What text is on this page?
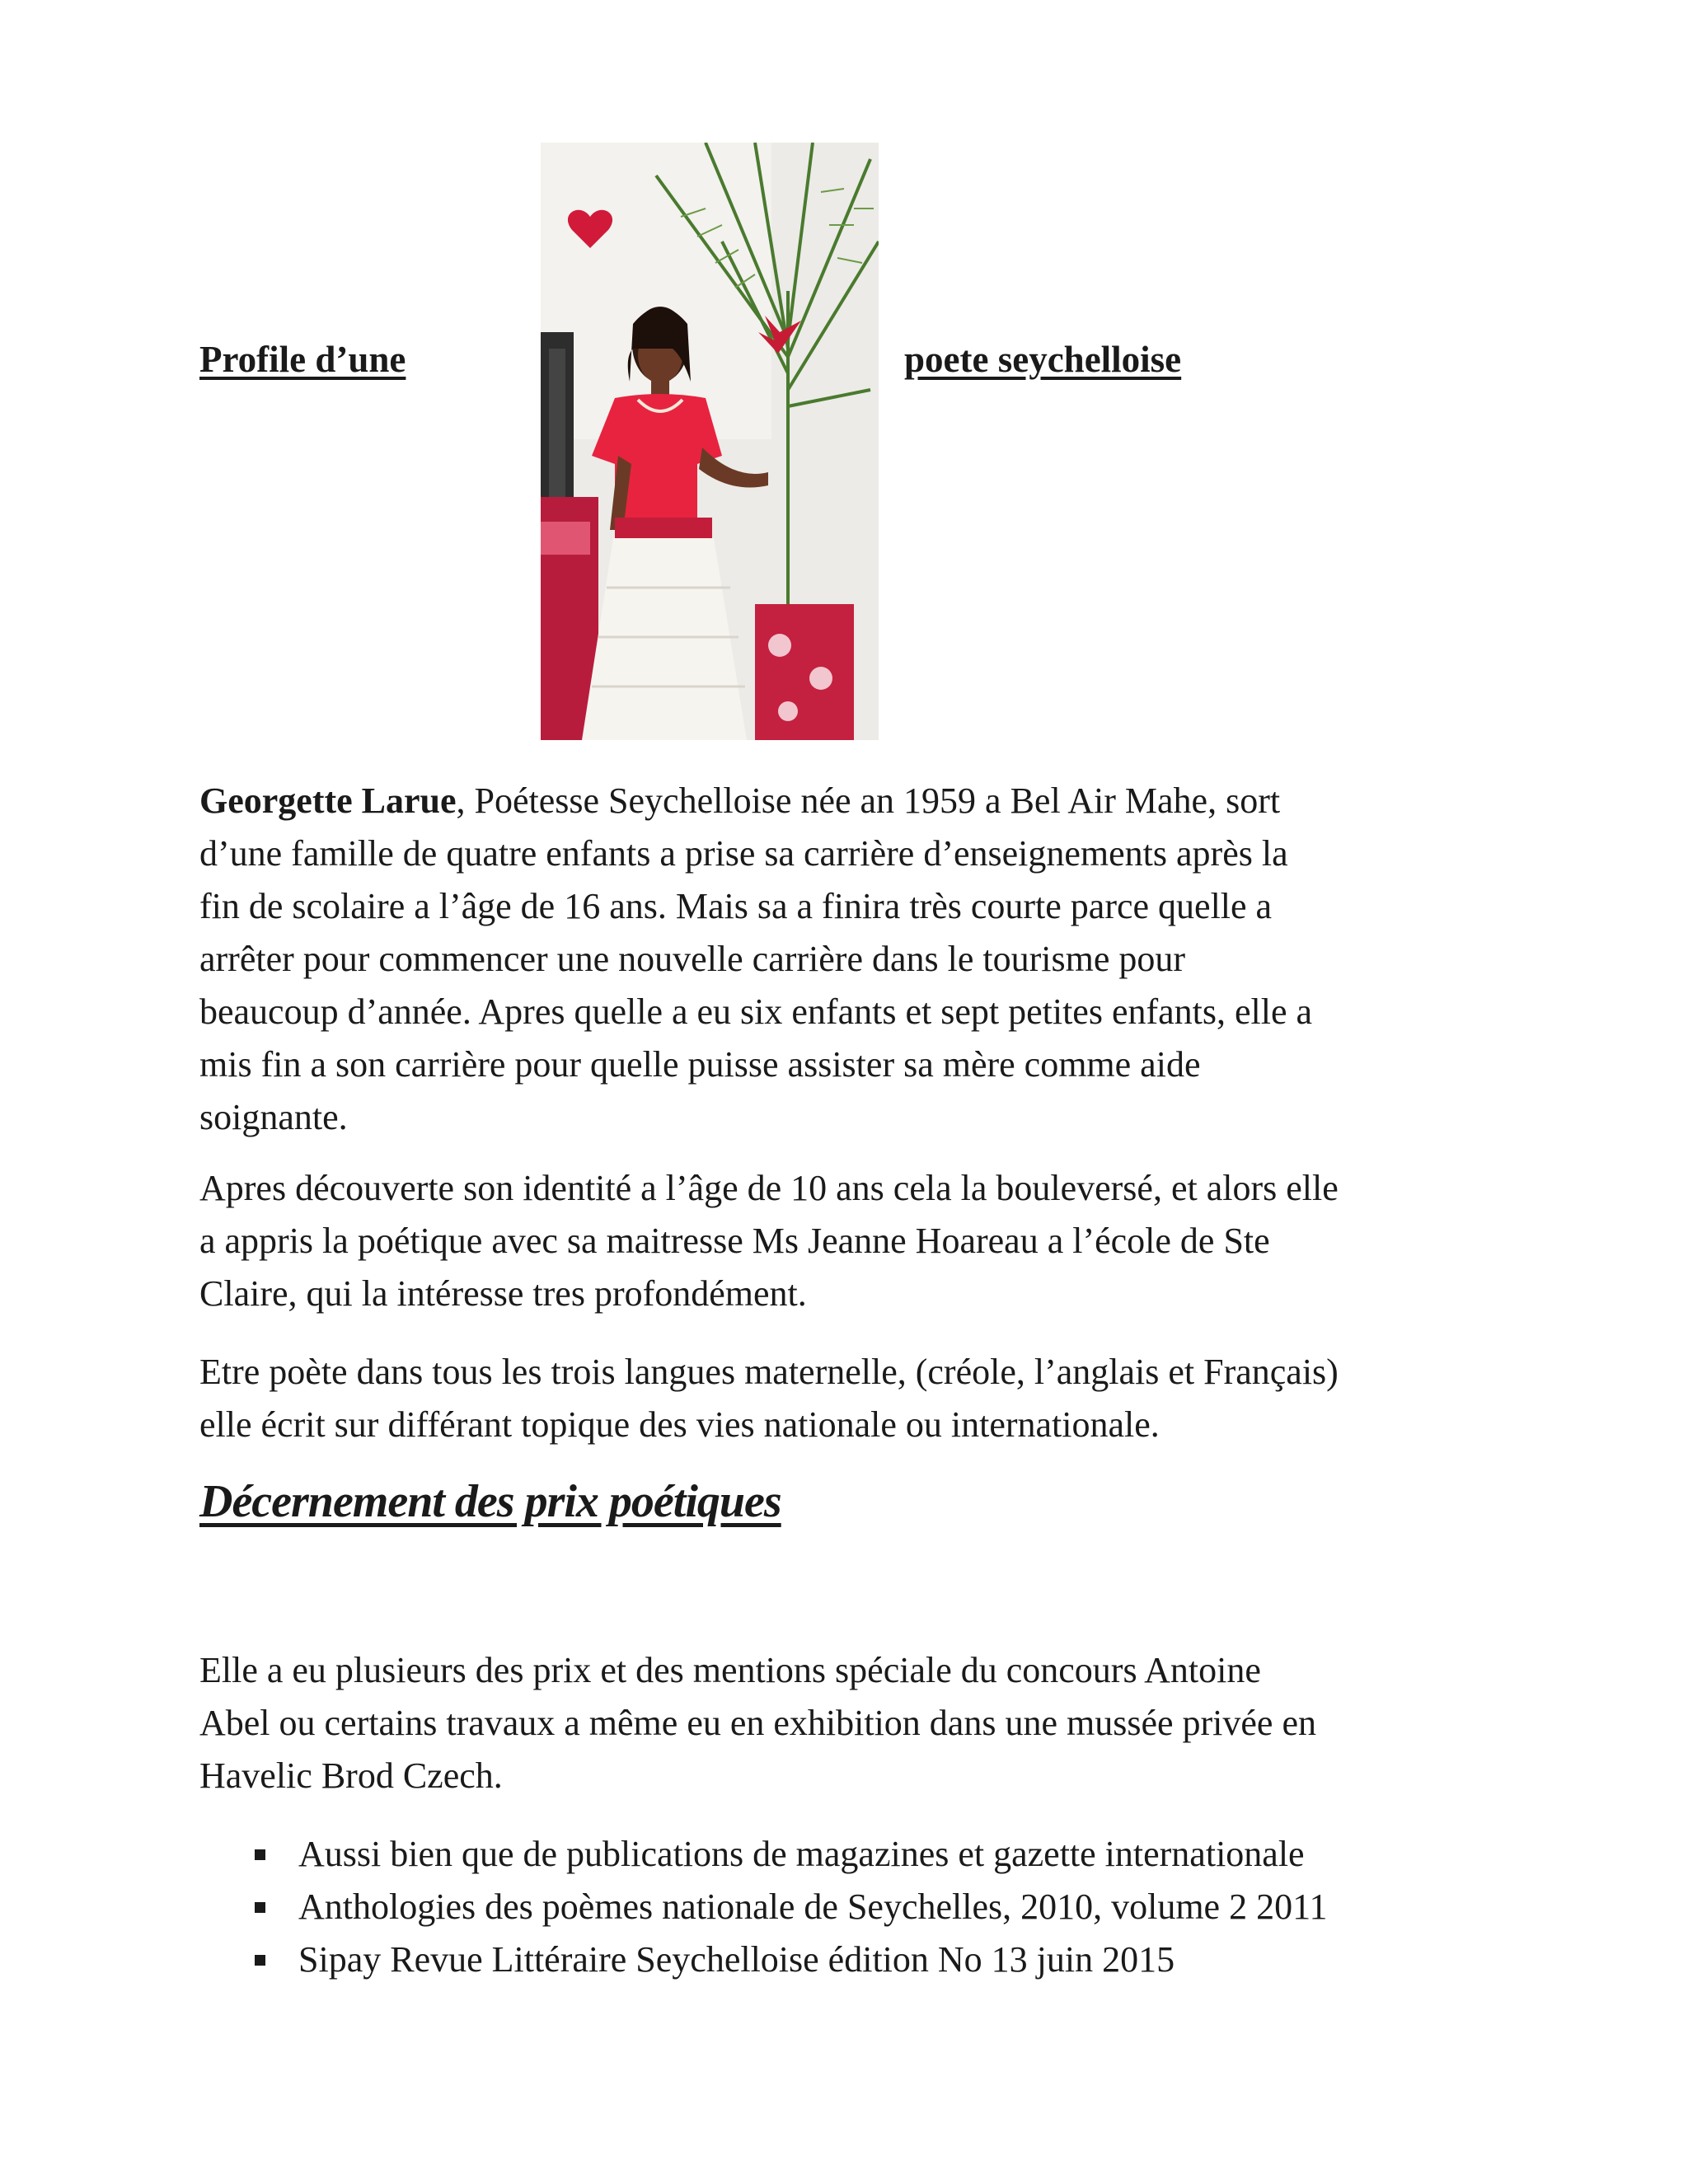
Profile d’une	poete seychelloise

Georgette Larue, Poétesse Seychelloise née an 1959 a Bel Air Mahe, sort

d’une famille de quatre enfants a prise sa carrière d’enseignements après la

fin de scolaire a l’âge de 16 ans. Mais sa a finira très courte parce quelle a

arrêter pour commencer une nouvelle carrière dans le tourisme pour

beaucoup d’année. Apres quelle a eu six enfants et sept petites enfants, elle a

mis fin a son carrière pour quelle puisse assister sa mère comme aide

soignante.

Apres découverte son identité a l’âge de 10 ans cela la bouleversé, et alors elle

a appris la poétique avec sa maitresse Ms Jeanne Hoareau a l’école de Ste

Claire, qui la intéresse tres profondément.

Etre poète dans tous les trois langues maternelle, (créole, l’anglais et Français)

elle écrit sur différant topique des vies nationale ou internationale.

Décernement des prix poétiques

Elle a eu plusieurs des prix et des mentions spéciale du concours Antoine

Abel ou certains travaux a même eu en exhibition dans une mussée privée en

Havelic Brod Czech.

Aussi bien que de publications de magazines et gazette internationale
Anthologies des poèmes nationale de Seychelles, 2010, volume 2 2011
Sipay Revue Littéraire Seychelloise édition No 13 juin 2015
